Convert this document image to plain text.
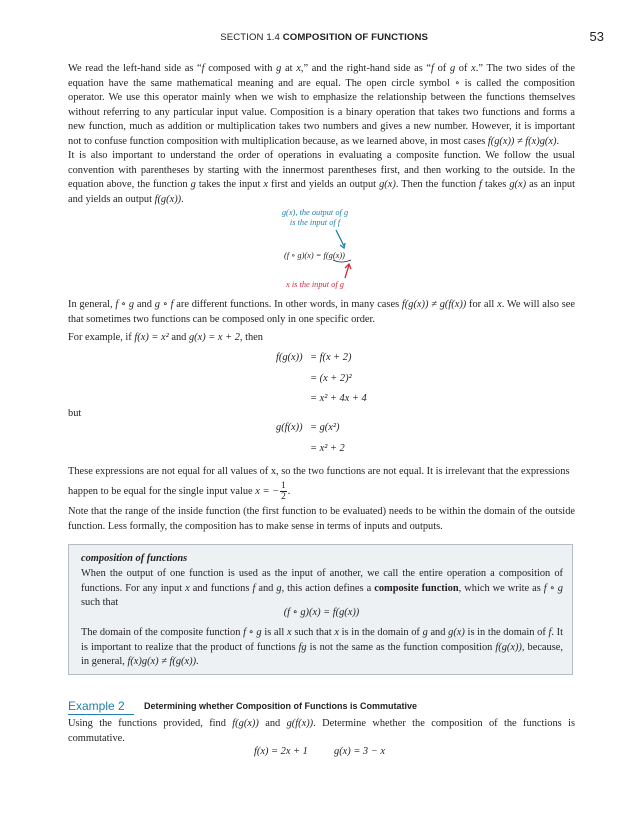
SECTION 1.4 COMPOSITION OF FUNCTIONS	53

We read the left-hand side as “f composed with g at x,” and the right-hand side as “f of g of x.” The two sides of the equation have the same mathematical meaning and are equal. The open circle symbol ∘ is called the composition operator. We use this operator mainly when we wish to emphasize the relationship between the functions themselves without referring to any particular input value. Composition is a binary operation that takes two functions and forms a new function, much as addition or multiplication takes two numbers and gives a new number. However, it is important not to confuse function composition with multiplication because, as we learned above, in most cases f(g(x)) ≠ f(x)g(x).

It is also important to understand the order of operations in evaluating a composite function. We follow the usual convention with parentheses by starting with the innermost parentheses first, and then working to the outside. In the equation above, the function g takes the input x first and yields an output g(x). Then the function f takes g(x) as an input and yields an output f(g(x)).

g(x), the output of g
is the input of f
(f ∘ g)(x) = f(g(x))
x is the input of g

In general, f ∘ g and g ∘ f are different functions. In other words, in many cases f(g(x)) ≠ g(f(x)) for all x. We will also see that sometimes two functions can be composed only in one specific order.

For example, if f(x) = x² and g(x) = x + 2, then

f(g(x)) = f(x + 2)
= (x + 2)²
= x² + 4x + 4

but

g(f(x)) = g(x²)
= x² + 2

These expressions are not equal for all values of x, so the two functions are not equal. It is irrelevant that the expressions

happen to be equal for the single input value x = − $\frac{1}{2}$ .

Note that the range of the inside function (the first function to be evaluated) needs to be within the domain of the outside function. Less formally, the composition has to make sense in terms of inputs and outputs.

composition of functions

When the output of one function is used as the input of another, we call the entire operation a composition of functions. For any input x and functions f and g, this action defines a composite function, which we write as f ∘ g such that

(f ∘ g)(x) = f(g(x))

The domain of the composite function f ∘ g is all x such that x is in the domain of g and g(x) is in the domain of f. It is important to realize that the product of functions fg is not the same as the function composition f(g(x)), because, in general, f(x)g(x) ≠ f(g(x)).

Example 2 Determining whether Composition of Functions is Commutative

Using the functions provided, find f(g(x)) and g(f(x)). Determine whether the composition of the functions is commutative.

f(x) = 2x + 1	g(x) = 3 − x
